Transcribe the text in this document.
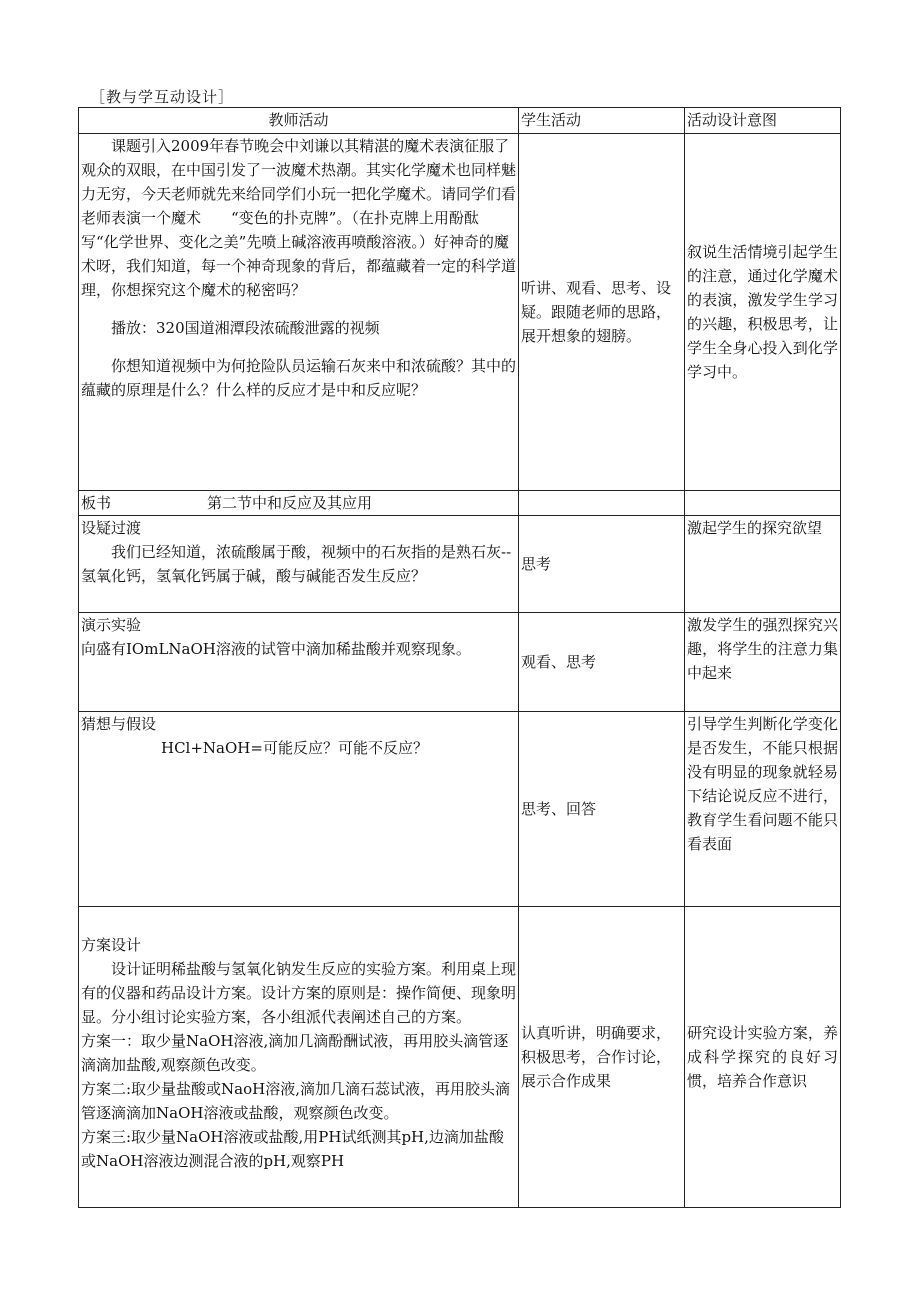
［教与学互动设计］
教师活动	学生活动	活动设计意图

课题引入2009年春节晚会中刘谦以其精湛的魔术表演征服了观众的双眼，在中国引发了一波魔术热潮。其实化学魔术也同样魅力无穷，今天老师就先来给同学们小玩一把化学魔术。请同学们看老师表演一个魔术　　“变色的扑克牌”。（在扑克牌上用酚酞写“化学世界、变化之美”先喷上碱溶液再喷酸溶液。）好神奇的魔术呀，我们知道，每一个神奇现象的背后，都蕴藏着一定的科学道理，你想探究这个魔术的秘密吗？

播放：320国道湘潭段浓硫酸泄露的视频

你想知道视频中为何抢险队员运输石灰来中和浓硫酸？其中的蕴藏的原理是什么？什么样的反应才是中和反应呢？	听讲、观看、思考、设疑。跟随老师的思路，展开想象的翅膀。	叙说生活情境引起学生的注意，通过化学魔术的表演，激发学生学习的兴趣，积极思考，让学生全身心投入到化学学习中。
板书 第二节中和反应及其应用		

设疑过渡

我们已经知道，浓硫酸属于酸，视频中的石灰指的是熟石灰--氢氧化钙，氢氧化钙属于碱，酸与碱能否发生反应？	思考	激起学生的探究欲望

演示实验

向盛有IOmLNaOH溶液的试管中滴加稀盐酸并观察现象。	观看、思考	激发学生的强烈探究兴趣，将学生的注意力集中起来

猜想与假设

HCl+NaOH=可能反应？可能不反应？	思考、回答	引导学生判断化学变化是否发生，不能只根据没有明显的现象就轻易下结论说反应不进行，教育学生看问题不能只看表面

方案设计

设计证明稀盐酸与氢氧化钠发生反应的实验方案。利用桌上现有的仪器和药品设计方案。设计方案的原则是：操作简便、现象明显。分小组讨论实验方案，各小组派代表阐述自己的方案。

方案一：取少量NaOH溶液,滴加几滴酚酬试液，再用胶头滴管逐滴滴加盐酸,观察颜色改变。

方案二:取少量盐酸或NaoH溶液,滴加几滴石蕊试液，再用胶头滴管逐滴滴加NaOH溶液或盐酸，观察颜色改变。

方案三:取少量NaOH溶液或盐酸,用PH试纸测其pH,边滴加盐酸或NaOH溶液边测混合液的pH,观察PH	认真听讲，明确要求，积极思考，合作讨论，展示合作成果	研究设计实验方案，养成科学探究的良好习惯，培养合作意识
